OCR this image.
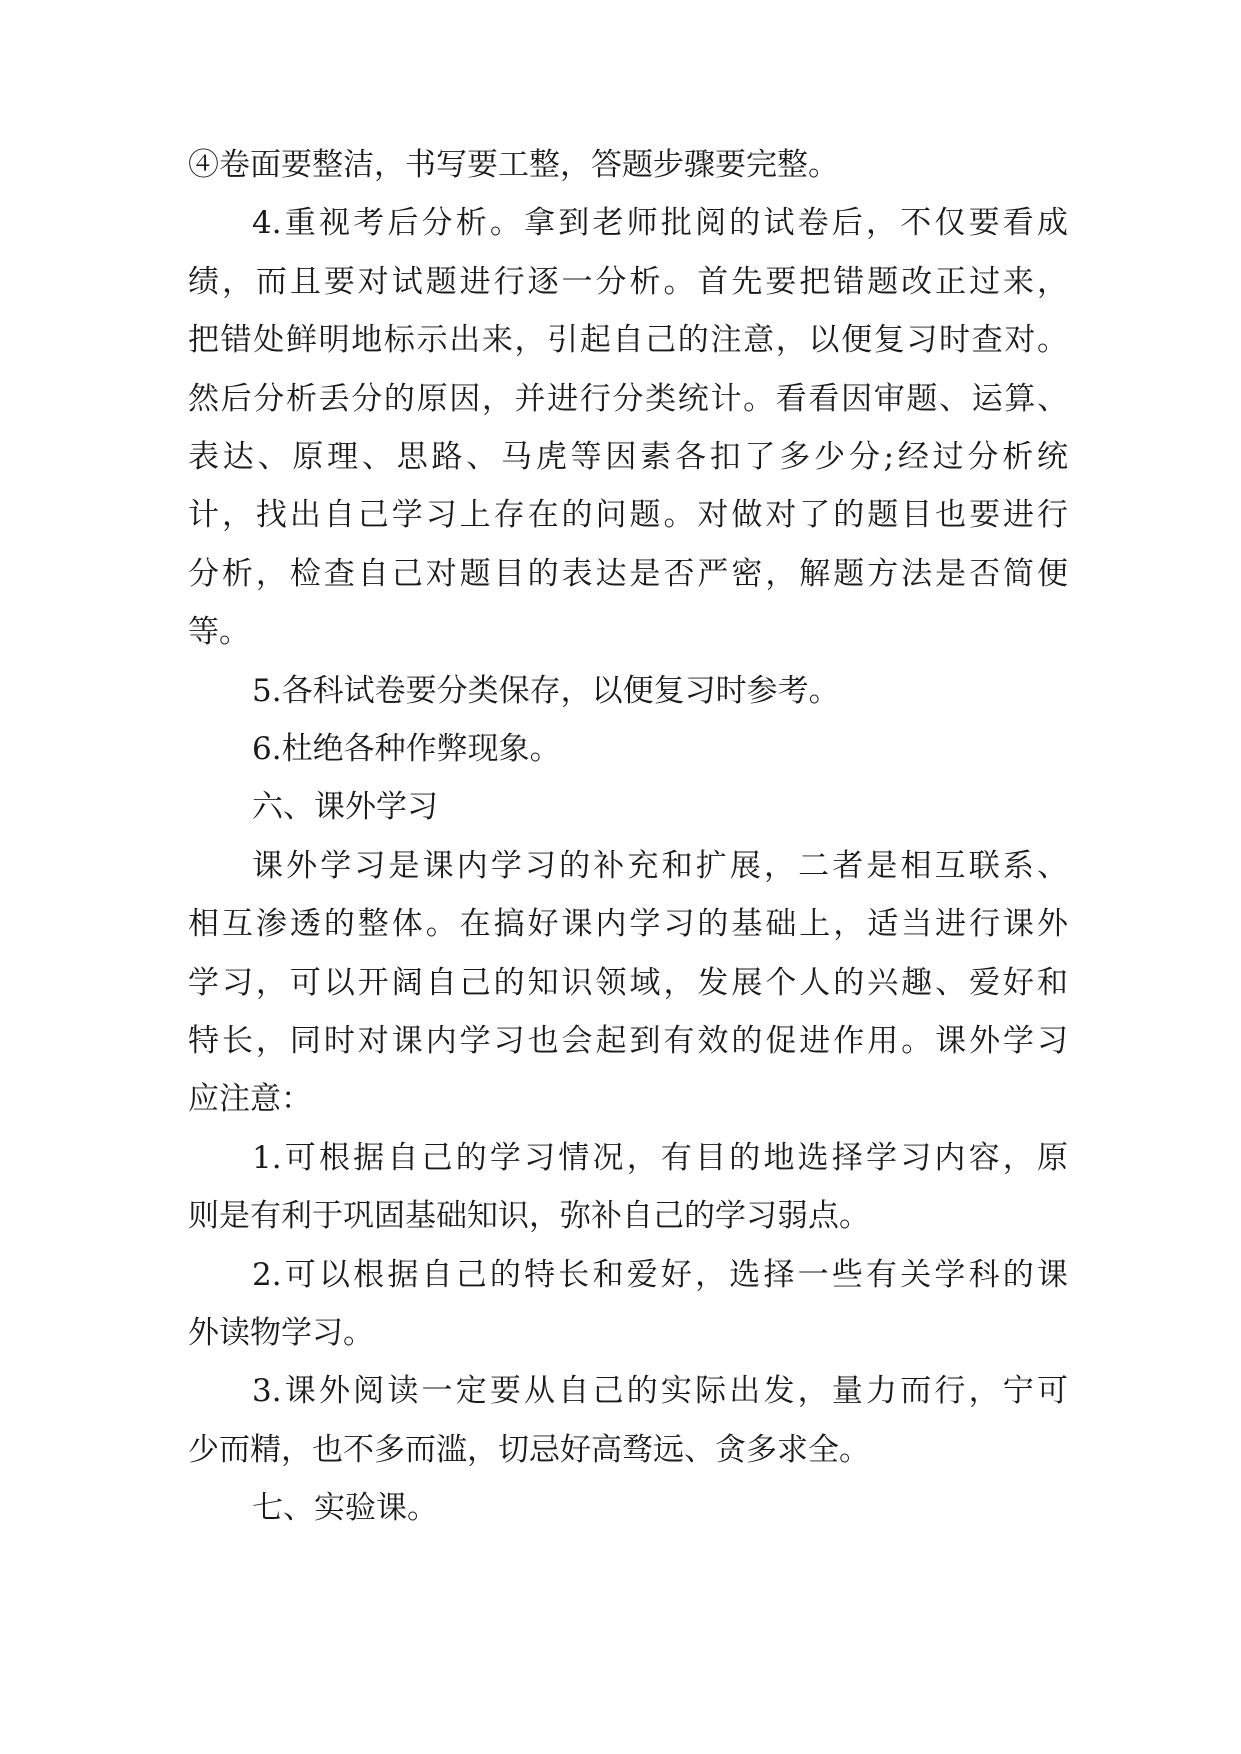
④卷面要整洁，书写要工整，答题步骤要完整。
4.重视考后分析。拿到老师批阅的试卷后，不仅要看成
绩，而且要对试题进行逐一分析。首先要把错题改正过来，
把错处鲜明地标示出来，引起自己的注意，以便复习时查对。
然后分析丢分的原因，并进行分类统计。看看因审题、运算、
表达、原理、思路、马虎等因素各扣了多少分;经过分析统
计，找出自己学习上存在的问题。对做对了的题目也要进行
分析，检查自己对题目的表达是否严密，解题方法是否简便
等。
5.各科试卷要分类保存，以便复习时参考。
6.杜绝各种作弊现象。
六、课外学习
课外学习是课内学习的补充和扩展，二者是相互联系、
相互渗透的整体。在搞好课内学习的基础上，适当进行课外
学习，可以开阔自己的知识领域，发展个人的兴趣、爱好和
特长，同时对课内学习也会起到有效的促进作用。课外学习
应注意：
1.可根据自己的学习情况，有目的地选择学习内容，原
则是有利于巩固基础知识，弥补自己的学习弱点。
2.可以根据自己的特长和爱好，选择一些有关学科的课
外读物学习。
3.课外阅读一定要从自己的实际出发，量力而行，宁可
少而精，也不多而滥，切忌好高骛远、贪多求全。
七、实验课。
